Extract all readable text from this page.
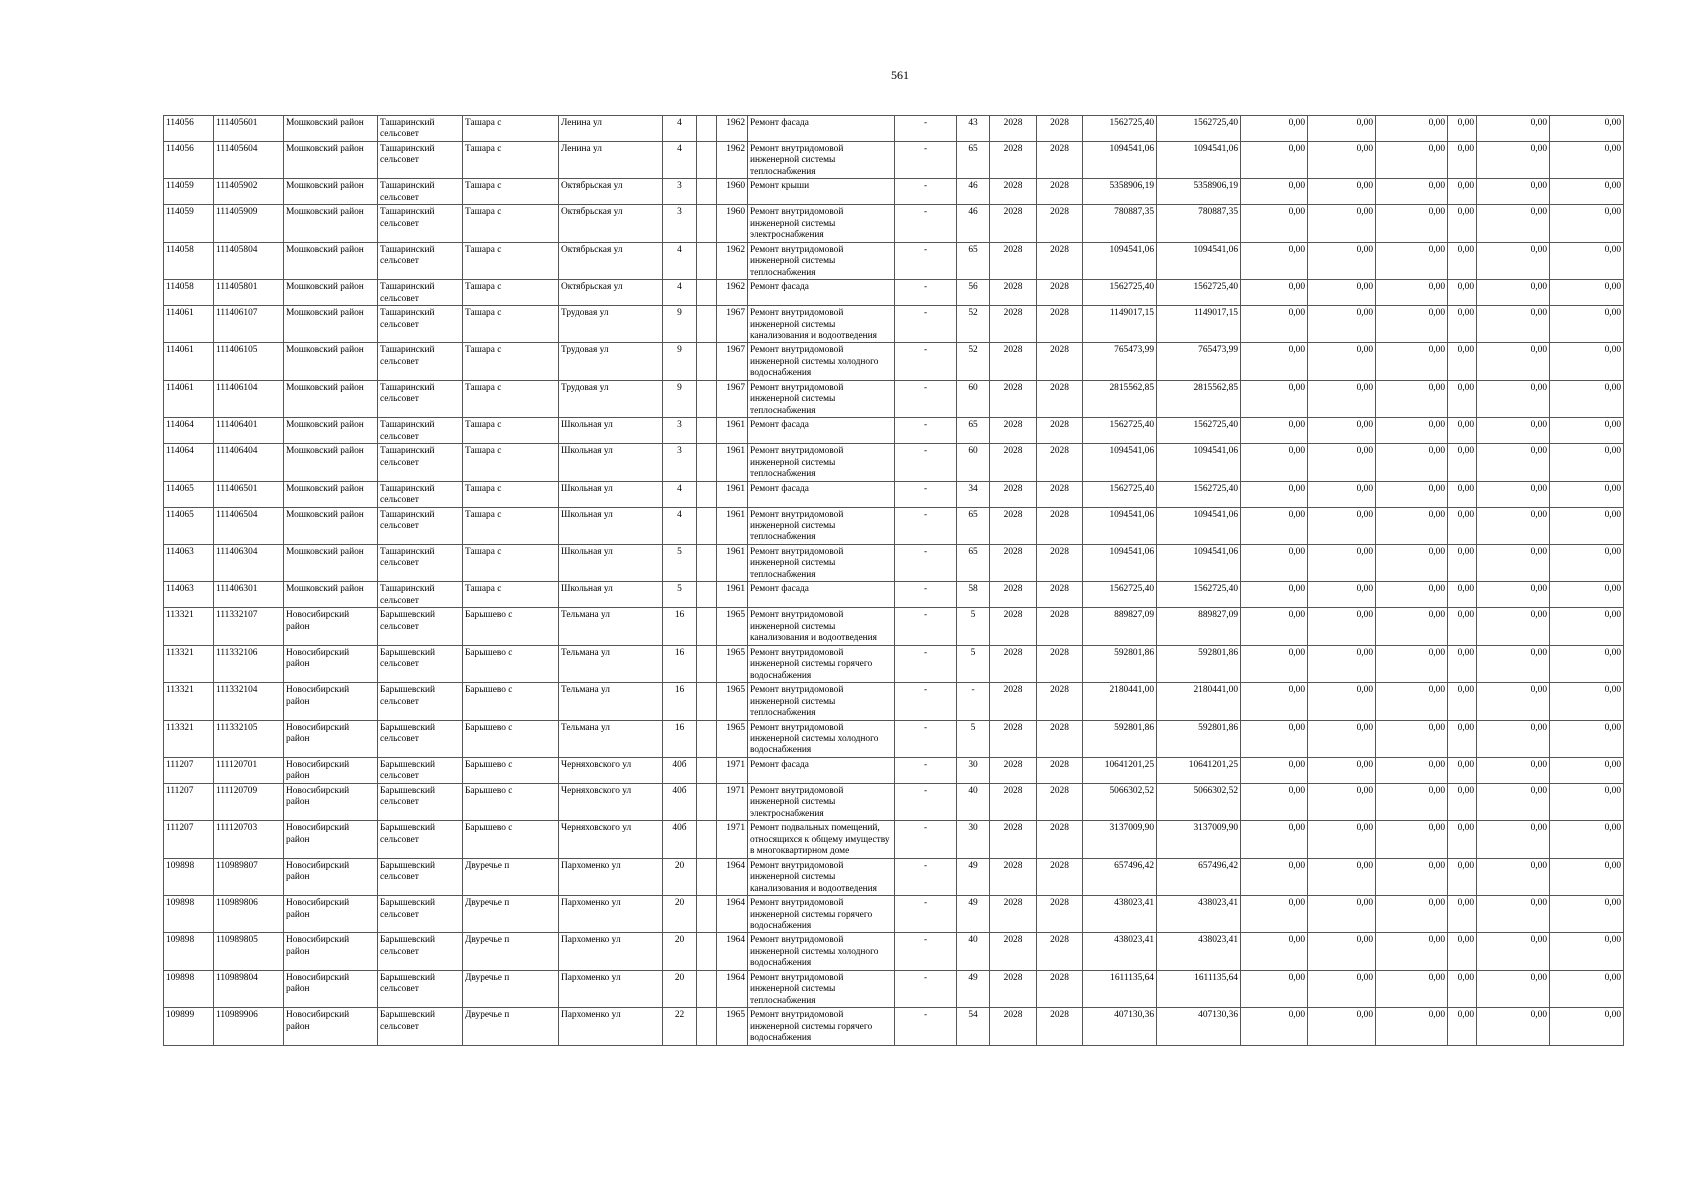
561
114056	111405601	Мошковский район	Ташаринский сельсовет	Ташара с	Ленина ул	4		1962	Ремонт фасада	-	43	2028	2028	1562725,40	1562725,40	0,00	0,00	0,00	0,00	0,00	0,00
114056	111405604	Мошковский район	Ташаринский сельсовет	Ташара с	Ленина ул	4		1962	Ремонт внутридомовой инженерной системы теплоснабжения	-	65	2028	2028	1094541,06	1094541,06	0,00	0,00	0,00	0,00	0,00	0,00
114059	111405902	Мошковский район	Ташаринский сельсовет	Ташара с	Октябрьская ул	3		1960	Ремонт крыши	-	46	2028	2028	5358906,19	5358906,19	0,00	0,00	0,00	0,00	0,00	0,00
114059	111405909	Мошковский район	Ташаринский сельсовет	Ташара с	Октябрьская ул	3		1960	Ремонт внутридомовой инженерной системы электроснабжения	-	46	2028	2028	780887,35	780887,35	0,00	0,00	0,00	0,00	0,00	0,00
114058	111405804	Мошковский район	Ташаринский сельсовет	Ташара с	Октябрьская ул	4		1962	Ремонт внутридомовой инженерной системы теплоснабжения	-	65	2028	2028	1094541,06	1094541,06	0,00	0,00	0,00	0,00	0,00	0,00
114058	111405801	Мошковский район	Ташаринский сельсовет	Ташара с	Октябрьская ул	4		1962	Ремонт фасада	-	56	2028	2028	1562725,40	1562725,40	0,00	0,00	0,00	0,00	0,00	0,00
114061	111406107	Мошковский район	Ташаринский сельсовет	Ташара с	Трудовая ул	9		1967	Ремонт внутридомовой инженерной системы канализования и водоотведения	-	52	2028	2028	1149017,15	1149017,15	0,00	0,00	0,00	0,00	0,00	0,00
114061	111406105	Мошковский район	Ташаринский сельсовет	Ташара с	Трудовая ул	9		1967	Ремонт внутридомовой инженерной системы холодного водоснабжения	-	52	2028	2028	765473,99	765473,99	0,00	0,00	0,00	0,00	0,00	0,00
114061	111406104	Мошковский район	Ташаринский сельсовет	Ташара с	Трудовая ул	9		1967	Ремонт внутридомовой инженерной системы теплоснабжения	-	60	2028	2028	2815562,85	2815562,85	0,00	0,00	0,00	0,00	0,00	0,00
114064	111406401	Мошковский район	Ташаринский сельсовет	Ташара с	Школьная ул	3		1961	Ремонт фасада	-	65	2028	2028	1562725,40	1562725,40	0,00	0,00	0,00	0,00	0,00	0,00
114064	111406404	Мошковский район	Ташаринский сельсовет	Ташара с	Школьная ул	3		1961	Ремонт внутридомовой инженерной системы теплоснабжения	-	60	2028	2028	1094541,06	1094541,06	0,00	0,00	0,00	0,00	0,00	0,00
114065	111406501	Мошковский район	Ташаринский сельсовет	Ташара с	Школьная ул	4		1961	Ремонт фасада	-	34	2028	2028	1562725,40	1562725,40	0,00	0,00	0,00	0,00	0,00	0,00
114065	111406504	Мошковский район	Ташаринский сельсовет	Ташара с	Школьная ул	4		1961	Ремонт внутридомовой инженерной системы теплоснабжения	-	65	2028	2028	1094541,06	1094541,06	0,00	0,00	0,00	0,00	0,00	0,00
114063	111406304	Мошковский район	Ташаринский сельсовет	Ташара с	Школьная ул	5		1961	Ремонт внутридомовой инженерной системы теплоснабжения	-	65	2028	2028	1094541,06	1094541,06	0,00	0,00	0,00	0,00	0,00	0,00
114063	111406301	Мошковский район	Ташаринский сельсовет	Ташара с	Школьная ул	5		1961	Ремонт фасада	-	58	2028	2028	1562725,40	1562725,40	0,00	0,00	0,00	0,00	0,00	0,00
113321	111332107	Новосибирский район	Барышевский сельсовет	Барышево с	Тельмана ул	16		1965	Ремонт внутридомовой инженерной системы канализования и водоотведения	-	5	2028	2028	889827,09	889827,09	0,00	0,00	0,00	0,00	0,00	0,00
113321	111332106	Новосибирский район	Барышевский сельсовет	Барышево с	Тельмана ул	16		1965	Ремонт внутридомовой инженерной системы горячего водоснабжения	-	5	2028	2028	592801,86	592801,86	0,00	0,00	0,00	0,00	0,00	0,00
113321	111332104	Новосибирский район	Барышевский сельсовет	Барышево с	Тельмана ул	16		1965	Ремонт внутридомовой инженерной системы теплоснабжения	-	-	2028	2028	2180441,00	2180441,00	0,00	0,00	0,00	0,00	0,00	0,00
113321	111332105	Новосибирский район	Барышевский сельсовет	Барышево с	Тельмана ул	16		1965	Ремонт внутридомовой инженерной системы холодного водоснабжения	-	5	2028	2028	592801,86	592801,86	0,00	0,00	0,00	0,00	0,00	0,00
111207	111120701	Новосибирский район	Барышевский сельсовет	Барышево с	Черняховского ул	40б		1971	Ремонт фасада	-	30	2028	2028	10641201,25	10641201,25	0,00	0,00	0,00	0,00	0,00	0,00
111207	111120709	Новосибирский район	Барышевский сельсовет	Барышево с	Черняховского ул	40б		1971	Ремонт внутридомовой инженерной системы электроснабжения	-	40	2028	2028	5066302,52	5066302,52	0,00	0,00	0,00	0,00	0,00	0,00
111207	111120703	Новосибирский район	Барышевский сельсовет	Барышево с	Черняховского ул	40б		1971	Ремонт подвальных помещений, относящихся к общему имуществу в многоквартирном доме	-	30	2028	2028	3137009,90	3137009,90	0,00	0,00	0,00	0,00	0,00	0,00
109898	110989807	Новосибирский район	Барышевский сельсовет	Двуречье п	Пархоменко ул	20		1964	Ремонт внутридомовой инженерной системы канализования и водоотведения	-	49	2028	2028	657496,42	657496,42	0,00	0,00	0,00	0,00	0,00	0,00
109898	110989806	Новосибирский район	Барышевский сельсовет	Двуречье п	Пархоменко ул	20		1964	Ремонт внутридомовой инженерной системы горячего водоснабжения	-	49	2028	2028	438023,41	438023,41	0,00	0,00	0,00	0,00	0,00	0,00
109898	110989805	Новосибирский район	Барышевский сельсовет	Двуречье п	Пархоменко ул	20		1964	Ремонт внутридомовой инженерной системы холодного водоснабжения	-	40	2028	2028	438023,41	438023,41	0,00	0,00	0,00	0,00	0,00	0,00
109898	110989804	Новосибирский район	Барышевский сельсовет	Двуречье п	Пархоменко ул	20		1964	Ремонт внутридомовой инженерной системы теплоснабжения	-	49	2028	2028	1611135,64	1611135,64	0,00	0,00	0,00	0,00	0,00	0,00
109899	110989906	Новосибирский район	Барышевский сельсовет	Двуречье п	Пархоменко ул	22		1965	Ремонт внутридомовой инженерной системы горячего водоснабжения	-	54	2028	2028	407130,36	407130,36	0,00	0,00	0,00	0,00	0,00	0,00
